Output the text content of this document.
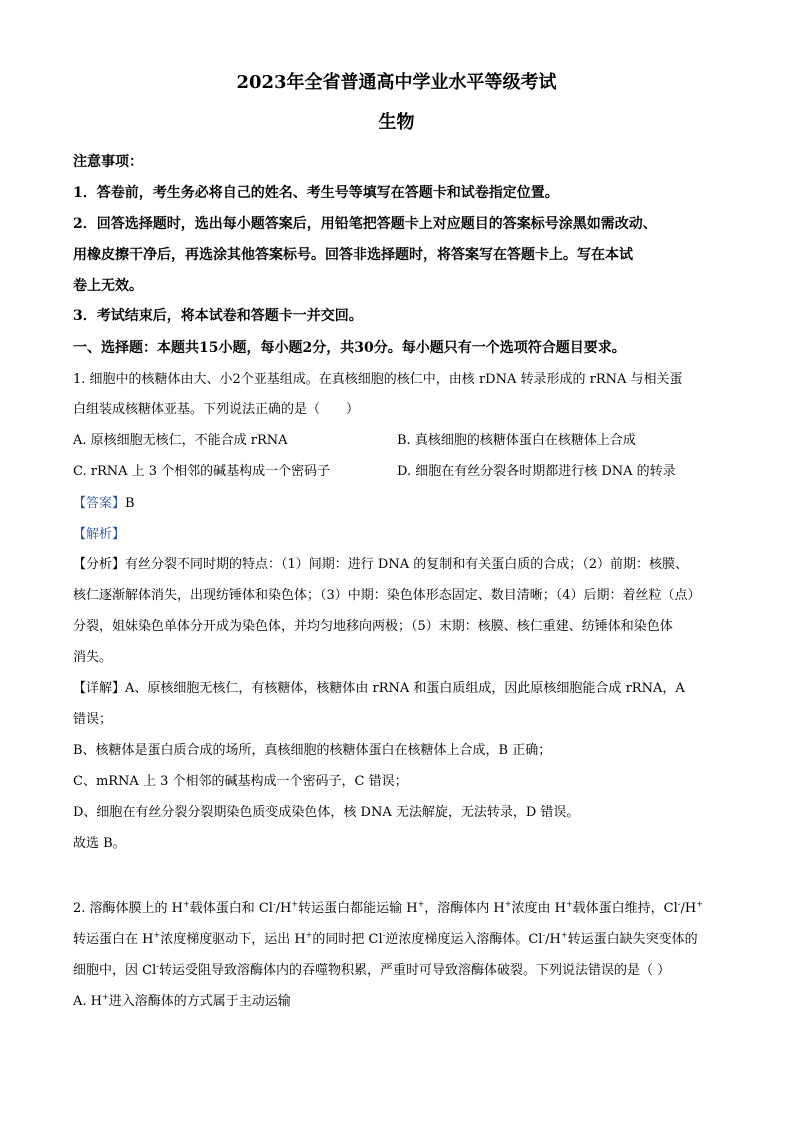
2023年全省普通高中学业水平等级考试
生物
注意事项：
1．答卷前，考生务必将自己的姓名、考生号等填写在答题卡和试卷指定位置。
2．回答选择题时，选出每小题答案后，用铅笔把答题卡上对应题目的答案标号涂黑如需改动、
用橡皮擦干净后，再选涂其他答案标号。回答非选择题时，将答案写在答题卡上。写在本试
卷上无效。
3．考试结束后，将本试卷和答题卡一并交回。
一、选择题：本题共15小题，每小题2分，共30分。每小题只有一个选项符合题目要求。
1. 细胞中的核糖体由大、小2个亚基组成。在真核细胞的核仁中，由核 rDNA 转录形成的 rRNA 与相关蛋
白组装成核糖体亚基。下列说法正确的是（　　）
A. 原核细胞无核仁，不能合成 rRNA	B. 真核细胞的核糖体蛋白在核糖体上合成
C. rRNA 上 3 个相邻的碱基构成一个密码子	D. 细胞在有丝分裂各时期都进行核 DNA 的转录
【答案】B
【解析】
【分析】有丝分裂不同时期的特点：（1）间期：进行 DNA 的复制和有关蛋白质的合成；（2）前期：核膜、
核仁逐渐解体消失，出现纺锤体和染色体；（3）中期：染色体形态固定、数目清晰；（4）后期：着丝粒（点）
分裂，姐妹染色单体分开成为染色体，并均匀地移向两极；（5）末期：核膜、核仁重建、纺锤体和染色体
消失。
【详解】A、原核细胞无核仁，有核糖体，核糖体由 rRNA 和蛋白质组成，因此原核细胞能合成 rRNA，A
错误；
B、核糖体是蛋白质合成的场所，真核细胞的核糖体蛋白在核糖体上合成，B 正确；
C、mRNA 上 3 个相邻的碱基构成一个密码子，C 错误；
D、细胞在有丝分裂分裂期染色质变成染色体，核 DNA 无法解旋，无法转录，D 错误。
故选 B。
2. 溶酶体膜上的 H+载体蛋白和 Cl-/H+转运蛋白都能运输 H+，溶酶体内 H+浓度由 H+载体蛋白维持，Cl-/H+
转运蛋白在 H+浓度梯度驱动下，运出 H+的同时把 Cl-逆浓度梯度运入溶酶体。Cl-/H+转运蛋白缺失突变体的
细胞中，因 Cl-转运受阻导致溶酶体内的吞噬物积累，严重时可导致溶酶体破裂。下列说法错误的是（ ）
A. H+进入溶酶体的方式属于主动运输
